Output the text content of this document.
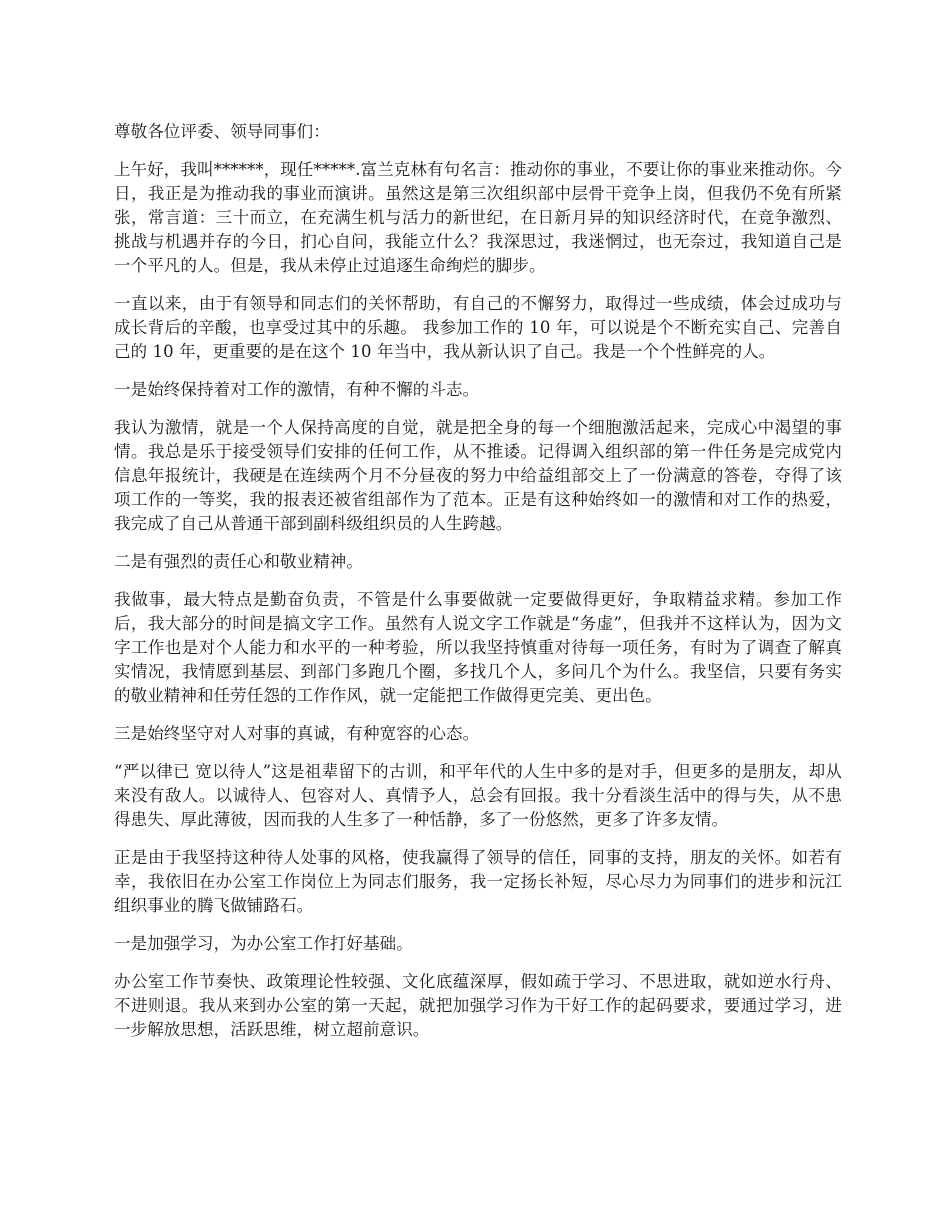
尊敬各位评委、领导同事们：

上午好，我叫******，现任*****.富兰克林有句名言：推动你的事业，不要让你的事业来推动你。今日，我正是为推动我的事业而演讲。虽然这是第三次组织部中层骨干竞争上岗，但我仍不免有所紧张，常言道：三十而立，在充满生机与活力的新世纪，在日新月异的知识经济时代，在竞争激烈、挑战与机遇并存的今日，扪心自问，我能立什么？我深思过，我迷惘过，也无奈过，我知道自己是一个平凡的人。但是，我从未停止过追逐生命绚烂的脚步。

一直以来，由于有领导和同志们的关怀帮助，有自己的不懈努力，取得过一些成绩，体会过成功与成长背后的辛酸，也享受过其中的乐趣。 我参加工作的 10 年，可以说是个不断充实自己、完善自己的 10 年，更重要的是在这个 10 年当中，我从新认识了自己。我是一个个性鲜亮的人。

一是始终保持着对工作的激情，有种不懈的斗志。

我认为激情，就是一个人保持高度的自觉，就是把全身的每一个细胞激活起来，完成心中渴望的事情。我总是乐于接受领导们安排的任何工作，从不推诿。记得调入组织部的第一件任务是完成党内信息年报统计，我硬是在连续两个月不分昼夜的努力中给益组部交上了一份满意的答卷，夺得了该项工作的一等奖，我的报表还被省组部作为了范本。正是有这种始终如一的激情和对工作的热爱，我完成了自己从普通干部到副科级组织员的人生跨越。

二是有强烈的责任心和敬业精神。

我做事，最大特点是勤奋负责，不管是什么事要做就一定要做得更好，争取精益求精。参加工作后，我大部分的时间是搞文字工作。虽然有人说文字工作就是“务虚”，但我并不这样认为，因为文字工作也是对个人能力和水平的一种考验，所以我坚持慎重对待每一项任务，有时为了调查了解真实情况，我情愿到基层、到部门多跑几个圈，多找几个人，多问几个为什么。我坚信，只要有务实的敬业精神和任劳任怨的工作作风，就一定能把工作做得更完美、更出色。

三是始终坚守对人对事的真诚，有种宽容的心态。

“严以律已 宽以待人”这是祖辈留下的古训，和平年代的人生中多的是对手，但更多的是朋友，却从来没有敌人。以诚待人、包容对人、真情予人，总会有回报。我十分看淡生活中的得与失，从不患得患失、厚此薄彼，因而我的人生多了一种恬静，多了一份悠然，更多了许多友情。

正是由于我坚持这种待人处事的风格，使我赢得了领导的信任，同事的支持，朋友的关怀。如若有幸，我依旧在办公室工作岗位上为同志们服务，我一定扬长补短，尽心尽力为同事们的进步和沅江组织事业的腾飞做铺路石。

一是加强学习，为办公室工作打好基础。

办公室工作节奏快、政策理论性较强、文化底蕴深厚，假如疏于学习、不思进取，就如逆水行舟、不进则退。我从来到办公室的第一天起，就把加强学习作为干好工作的起码要求，要通过学习，进一步解放思想，活跃思维，树立超前意识。
